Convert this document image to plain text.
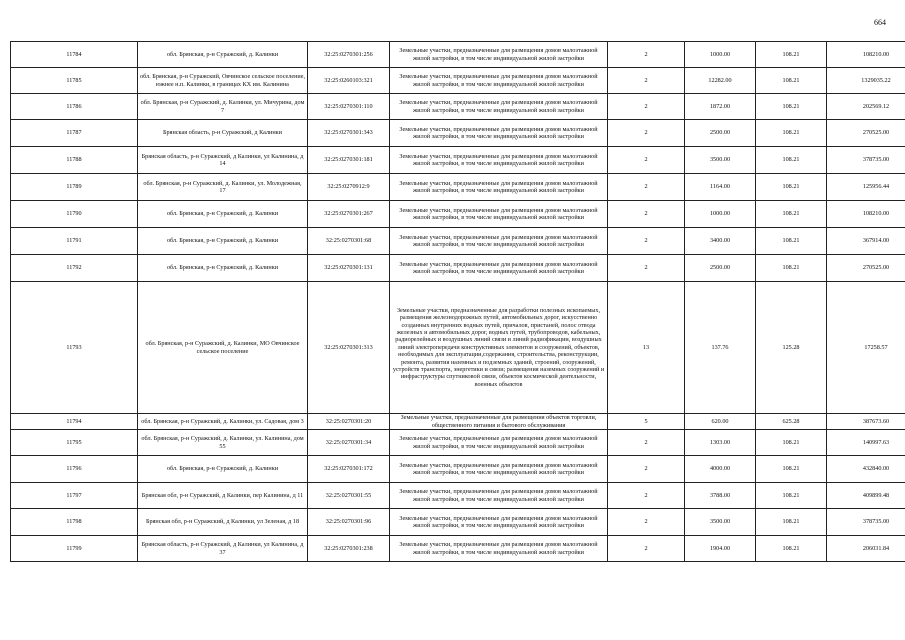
664
11784	обл. Брянская, р-н Суражский, д. Калинки	32:25:0270301:256	Земельные участки, предназначенные для размещения домов малоэтажной жилой застройки, в том числе индивидуальной жилой застройки	2	1000.00	108.21	108210.00
11785	обл. Брянская, р-н Суражский, Овчинское сельское поселение, южнее н.п. Калинки, в границах КХ им. Калинина	32:25:0260103:321	Земельные участки, предназначенные для размещения домов малоэтажной жилой застройки, в том числе индивидуальной жилой застройки	2	12282.00	108.21	1329035.22
11786	обл. Брянская, р-н Суражский, д. Калинки, ул. Мичурина, дом 7	32:25:0270301:110	Земельные участки, предназначенные для размещения домов малоэтажной жилой застройки, в том числе индивидуальной жилой застройки	2	1872.00	108.21	202569.12
11787	Брянская область, р-н Суражский, д Калинки	32:25:0270301:343	Земельные участки, предназначенные для размещения домов малоэтажной жилой застройки, в том числе индивидуальной жилой застройки	2	2500.00	108.21	270525.00
11788	Брянская область, р-н Суражский, д Калинки, ул Калинина, д 14	32:25:0270301:181	Земельные участки, предназначенные для размещения домов малоэтажной жилой застройки, в том числе индивидуальной жилой застройки	2	3500.00	108.21	378735.00
11789	обл. Брянская, р-н Суражский, д. Калинки, ул. Молодежная, 17	32:25:0270912:9	Земельные участки, предназначенные для размещения домов малоэтажной жилой застройки, в том числе индивидуальной жилой застройки	2	1164.00	108.21	125956.44
11790	обл. Брянская, р-н Суражский, д. Калинки	32:25:0270301:267	Земельные участки, предназначенные для размещения домов малоэтажной жилой застройки, в том числе индивидуальной жилой застройки	2	1000.00	108.21	108210.00
11791	обл. Брянская, р-н Суражский, д. Калинки	32:25:0270301:68	Земельные участки, предназначенные для размещения домов малоэтажной жилой застройки, в том числе индивидуальной жилой застройки	2	3400.00	108.21	367914.00
11792	обл. Брянская, р-н Суражский, д. Калинки	32:25:0270301:131	Земельные участки, предназначенные для размещения домов малоэтажной жилой застройки, в том числе индивидуальной жилой застройки	2	2500.00	108.21	270525.00
11793	обл. Брянская, р-н Суражский, д. Калинки, МО Овчинское сельское поселение	32:25:0270301:313	Земельные участки, предназначенные для разработки полезных ископаемых, размещения железнодорожных путей, автомобильных дорог, искусственно созданных внутренних водных путей, причалов, пристаней, полос отвода железных и автомобильных дорог, водных путей, трубопроводов, кабельных, радиорелейных и воздушных линий связи и линий радиофикации, воздушных линий электропередачи конструктивных элементов и сооружений, объектов, необходимых для эксплуатации,содержания, строительства, реконструкции, ремонта, развития наземных и подземных зданий, строений, сооружений, устройств транспорта, энергетики и связи; размещения наземных сооружений и инфраструктуры спутниковой связи, объектов космической деятельности, военных объектов	13	137.76	125.28	17258.57
11794	обл. Брянская, р-н Суражский, д. Калинки, ул. Садовая, дом 3	32:25:0270301:20	Земельные участки, предназначенные для размещения объектов торговли, общественного питания и бытового обслуживания	5	620.00	625.28	387673.60
11795	обл. Брянская, р-н Суражский, д. Калинки, ул. Калинина, дом 55	32:25:0270301:34	Земельные участки, предназначенные для размещения домов малоэтажной жилой застройки, в том числе индивидуальной жилой застройки	2	1303.00	108.21	140997.63
11796	обл. Брянская, р-н Суражский, д. Калинки	32:25:0270301:172	Земельные участки, предназначенные для размещения домов малоэтажной жилой застройки, в том числе индивидуальной жилой застройки	2	4000.00	108.21	432840.00
11797	Брянская обл, р-н Суражский, д Калинки, пер Калинина, д 11	32:25:0270301:55	Земельные участки, предназначенные для размещения домов малоэтажной жилой застройки, в том числе индивидуальной жилой застройки	2	3788.00	108.21	409899.48
11798	Брянская обл, р-н Суражский, д Калинки, ул Зеленая, д 18	32:25:0270301:96	Земельные участки, предназначенные для размещения домов малоэтажной жилой застройки, в том числе индивидуальной жилой застройки	2	3500.00	108.21	378735.00
11799	Брянская область, р-н Суражский, д Калинки, ул Калинина, д 37	32:25:0270301:238	Земельные участки, предназначенные для размещения домов малоэтажной жилой застройки, в том числе индивидуальной жилой застройки	2	1904.00	108.21	206031.84
